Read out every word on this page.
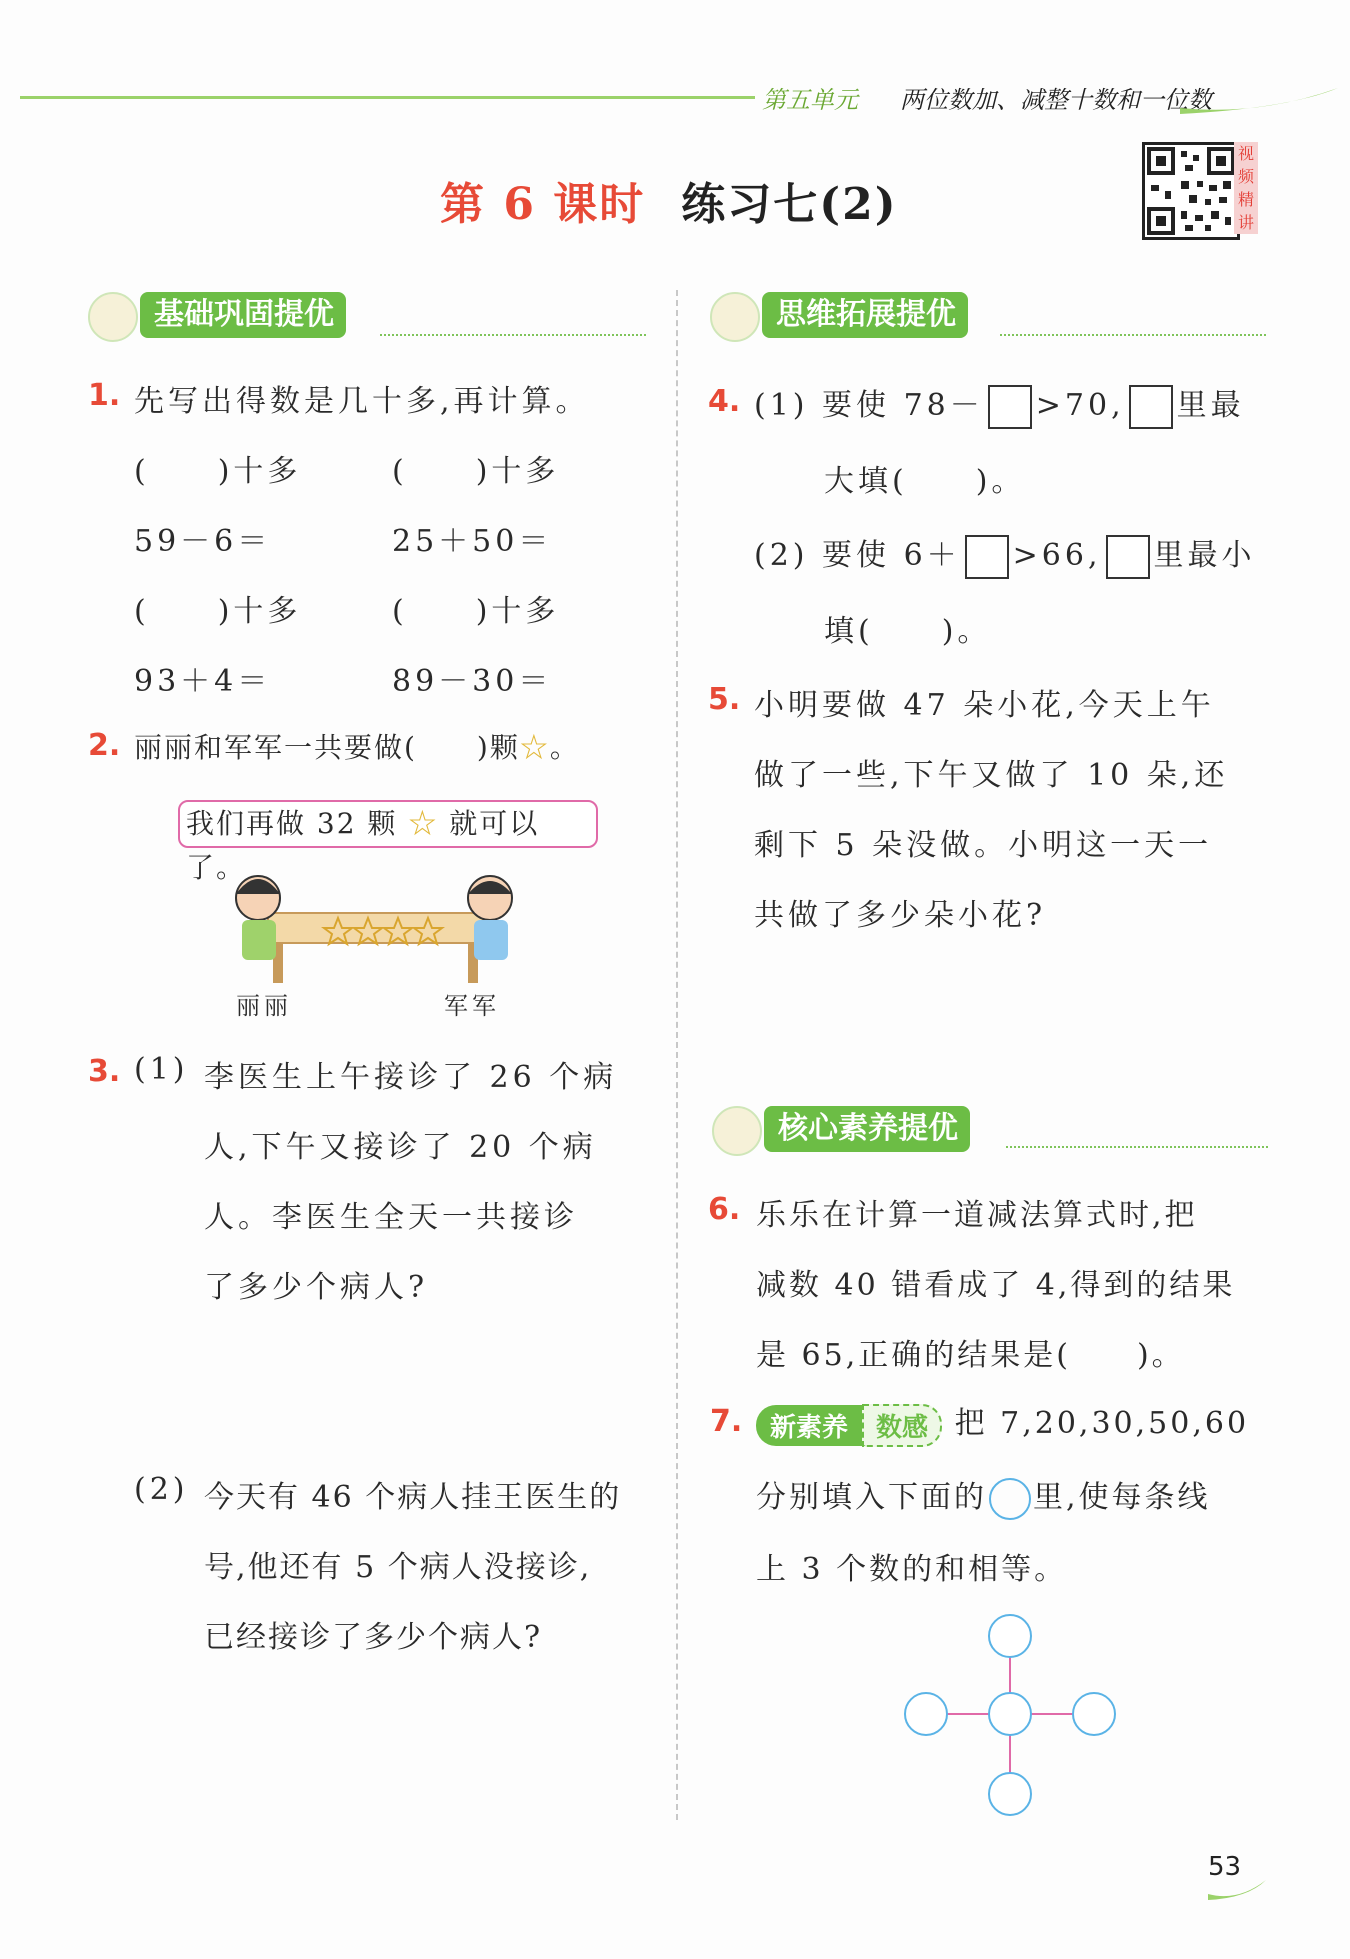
第五单元 两位数加、减整十数和一位数
第 6 课时 练习七(2)
视
频
精
讲
基础巩固提优	思维拓展提优
1. 先写出得数是几十多,再计算。
(　　)十多	(　　)十多
59－6＝	25＋50＝
(　　)十多	(　　)十多
93＋4＝	89－30＝
2. 丽丽和军军一共要做(　　)颗☆。
我们再做 32 颗 ☆ 就可以了。
丽丽	军军
3. (1) 李医生上午接诊了 26 个病
人,下午又接诊了 20 个病
人。李医生全天一共接诊
了多少个病人?
(2) 今天有 46 个病人挂王医生的
号,他还有 5 个病人没接诊,
已经接诊了多少个病人?
4. (1) 要使 78－ >70, 里最
大填(　　)。
(2) 要使 6＋ >66, 里最小
填(　　)。
5. 小明要做 47 朵小花,今天上午
做了一些,下午又做了 10 朵,还
剩下 5 朵没做。小明这一天一
共做了多少朵小花?
核心素养提优
6. 乐乐在计算一道减法算式时,把
减数 40 错看成了 4,得到的结果
是 65,正确的结果是(　　)。
7.	新素养 数感 把 7,20,30,50,60
分别填入下面的 里,使每条线
上 3 个数的和相等。
53
